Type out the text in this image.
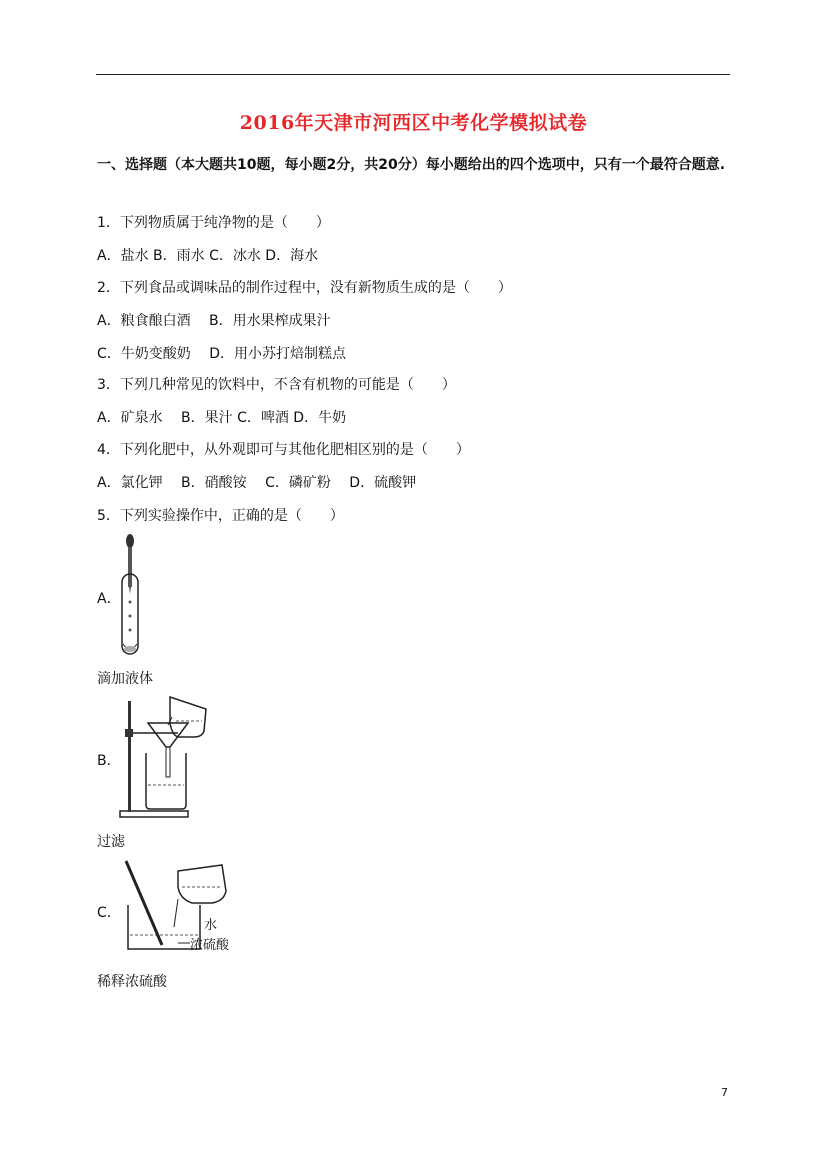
2016年天津市河西区中考化学模拟试卷
一、选择题（本大题共10题，每小题2分，共20分）每小题给出的四个选项中，只有一个最符合题意.
1．下列物质属于纯净物的是（　　）
A．盐水 B．雨水 C．冰水 D．海水
2．下列食品或调味品的制作过程中，没有新物质生成的是（　　）
A．粮食酿白酒　 B．用水果榨成果汁
C．牛奶变酸奶　 D．用小苏打焙制糕点
3．下列几种常见的饮料中，不含有机物的可能是（　　）
A．矿泉水　 B．果汁 C．啤酒 D．牛奶
4．下列化肥中，从外观即可与其他化肥相区别的是（　　）
A．氯化钾　 B．硝酸铵　 C．磷矿粉　 D．硫酸钾
5．下列实验操作中，正确的是（　　）
A．
滴加液体
B．
过滤
C．
水
浓硫酸
稀释浓硫酸
7
